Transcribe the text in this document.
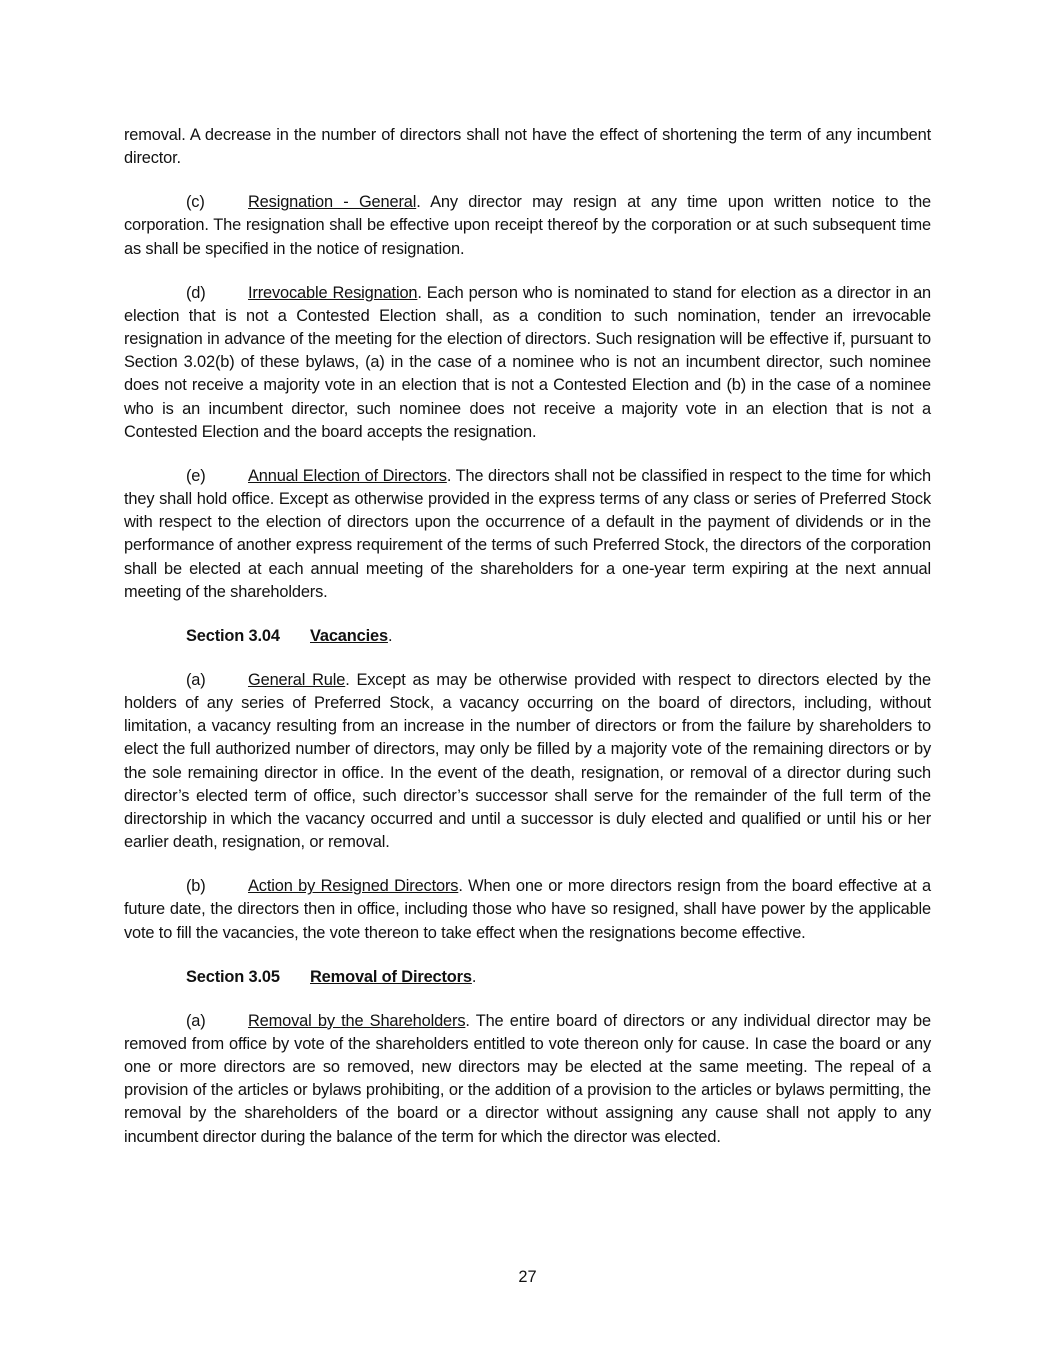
removal. A decrease in the number of directors shall not have the effect of shortening the term of any incumbent director.

(c)	Resignation - General. Any director may resign at any time upon written notice to the corporation. The resignation shall be effective upon receipt thereof by the corporation or at such subsequent time as shall be specified in the notice of resignation.

(d)	Irrevocable Resignation. Each person who is nominated to stand for election as a director in an election that is not a Contested Election shall, as a condition to such nomination, tender an irrevocable resignation in advance of the meeting for the election of directors. Such resignation will be effective if, pursuant to Section 3.02(b) of these bylaws, (a) in the case of a nominee who is not an incumbent director, such nominee does not receive a majority vote in an election that is not a Contested Election and (b) in the case of a nominee who is an incumbent director, such nominee does not receive a majority vote in an election that is not a Contested Election and the board accepts the resignation.

(e)	Annual Election of Directors. The directors shall not be classified in respect to the time for which they shall hold office. Except as otherwise provided in the express terms of any class or series of Preferred Stock with respect to the election of directors upon the occurrence of a default in the payment of dividends or in the performance of another express requirement of the terms of such Preferred Stock, the directors of the corporation shall be elected at each annual meeting of the shareholders for a one-year term expiring at the next annual meeting of the shareholders.

Section 3.04 Vacancies.

(a)	General Rule. Except as may be otherwise provided with respect to directors elected by the holders of any series of Preferred Stock, a vacancy occurring on the board of directors, including, without limitation, a vacancy resulting from an increase in the number of directors or from the failure by shareholders to elect the full authorized number of directors, may only be filled by a majority vote of the remaining directors or by the sole remaining director in office. In the event of the death, resignation, or removal of a director during such director’s elected term of office, such director’s successor shall serve for the remainder of the full term of the directorship in which the vacancy occurred and until a successor is duly elected and qualified or until his or her earlier death, resignation, or removal.

(b)	Action by Resigned Directors. When one or more directors resign from the board effective at a future date, the directors then in office, including those who have so resigned, shall have power by the applicable vote to fill the vacancies, the vote thereon to take effect when the resignations become effective.

Section 3.05 Removal of Directors.

(a)	Removal by the Shareholders. The entire board of directors or any individual director may be removed from office by vote of the shareholders entitled to vote thereon only for cause. In case the board or any one or more directors are so removed, new directors may be elected at the same meeting. The repeal of a provision of the articles or bylaws prohibiting, or the addition of a provision to the articles or bylaws permitting, the removal by the shareholders of the board or a director without assigning any cause shall not apply to any incumbent director during the balance of the term for which the director was elected.

27
